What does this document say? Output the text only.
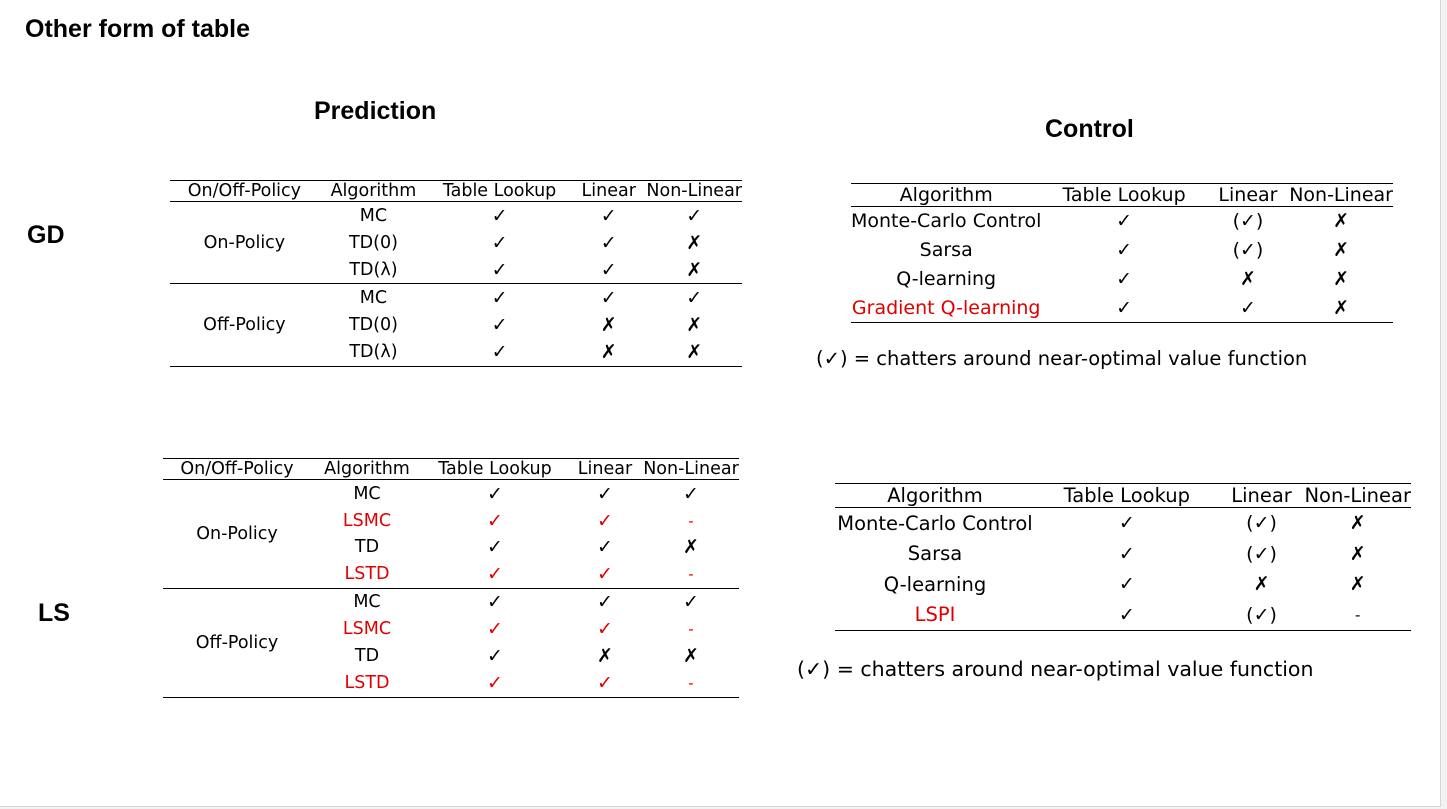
Other form of table
Prediction
Control
GD
LS
On/Off-Policy	Algorithm	Table Lookup	Linear	Non-Linear
On-Policy	MC	✓	✓	✓
	TD(0)	✓	✓	✗
	TD(λ)	✓	✓	✗
Off-Policy	MC	✓	✓	✓
	TD(0)	✓	✗	✗
	TD(λ)	✓	✗	✗
On/Off-Policy	Algorithm	Table Lookup	Linear	Non-Linear
On-Policy	MC	✓	✓	✓
	LSMC	✓	✓	-
	TD	✓	✓	✗
	LSTD	✓	✓	-
Off-Policy	MC	✓	✓	✓
	LSMC	✓	✓	-
	TD	✓	✗	✗
	LSTD	✓	✓	-
Algorithm	Table Lookup	Linear	Non-Linear
Monte-Carlo Control	✓	(✓)	✗
Sarsa	✓	(✓)	✗
Q-learning	✓	✗	✗
Gradient Q-learning	✓	✓	✗
(✓) = chatters around near-optimal value function
Algorithm	Table Lookup	Linear	Non-Linear
Monte-Carlo Control	✓	(✓)	✗
Sarsa	✓	(✓)	✗
Q-learning	✓	✗	✗
LSPI	✓	(✓)	-
(✓) = chatters around near-optimal value function
